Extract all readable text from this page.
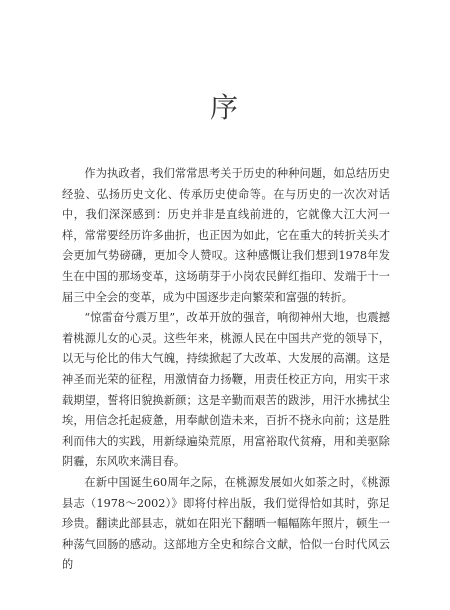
序

作为执政者，我们常常思考关于历史的种种问题，如总结历史经验、弘扬历史文化、传承历史使命等。在与历史的一次次对话中，我们深深感到：历史并非是直线前进的，它就像大江大河一样，常常要经历许多曲折，也正因为如此，它在重大的转折关头才会更加气势磅礴，更加令人赞叹。这种感慨让我们想到1978年发生在中国的那场变革，这场萌芽于小岗农民鲜红指印、发端于十一届三中全会的变革，成为中国逐步走向繁荣和富强的转折。

“惊雷奋兮震万里”，改革开放的强音，响彻神州大地，也震撼着桃源儿女的心灵。这些年来，桃源人民在中国共产党的领导下，以无与伦比的伟大气魄，持续掀起了大改革、大发展的高潮。这是神圣而光荣的征程，用激情奋力扬鞭，用责任校正方向，用实干求载期望，誓将旧貌换新颜；这是辛勤而艰苦的跋涉，用汗水拂拭尘埃，用信念托起疲惫，用奉献创造未来，百折不挠永向前；这是胜利而伟大的实践，用新绿遍染荒原，用富裕取代贫瘠，用和美驱除阴霾，东风吹来满目春。

在新中国诞生60周年之际，在桃源发展如火如荼之时，《桃源县志（1978～2002）》即将付梓出版，我们觉得恰如其时，弥足珍贵。翻读此部县志，就如在阳光下翻晒一幅幅陈年照片，顿生一种荡气回肠的感动。这部地方全史和综合文献，恰似一台时代风云的
